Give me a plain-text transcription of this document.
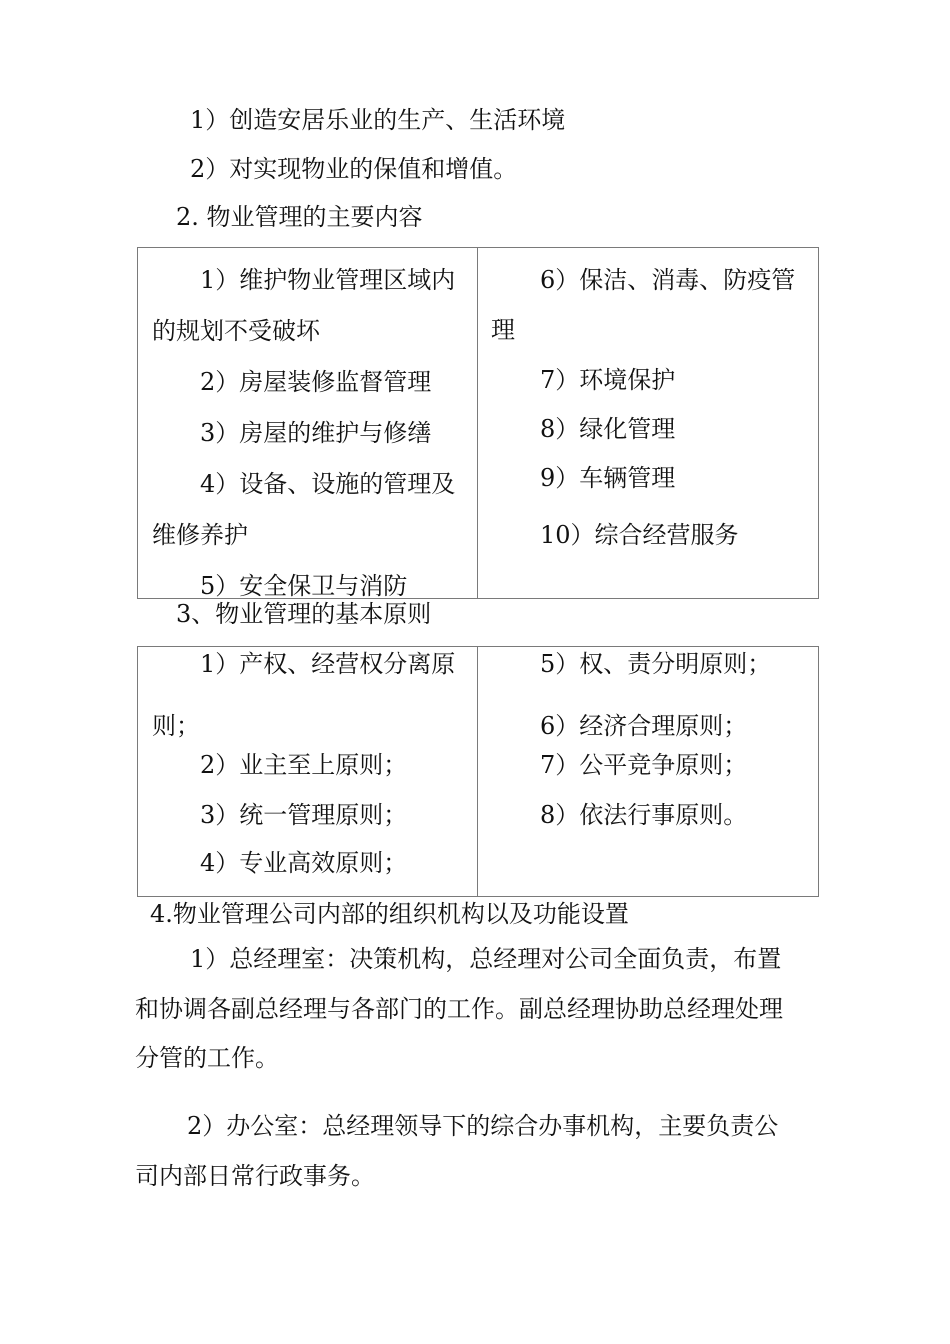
1）创造安居乐业的生产、生活环境
2）对实现物业的保值和增值。
2. 物业管理的主要内容
1）维护物业管理区域内
的规划不受破坏
2）房屋装修监督管理
3）房屋的维护与修缮
4）设备、设施的管理及
维修养护
5）安全保卫与消防
6）保洁、消毒、防疫管
理
7）环境保护
8）绿化管理
9）车辆管理
10）综合经营服务
3、物业管理的基本原则
1）产权、经营权分离原
则；
2）业主至上原则；
3）统一管理原则；
4）专业高效原则；
5）权、责分明原则；
6）经济合理原则；
7）公平竞争原则；
8）依法行事原则。
4.物业管理公司内部的组织机构以及功能设置
1）总经理室：决策机构，总经理对公司全面负责，布置
和协调各副总经理与各部门的工作。副总经理协助总经理处理
分管的工作。
2）办公室：总经理领导下的综合办事机构，主要负责公
司内部日常行政事务。
